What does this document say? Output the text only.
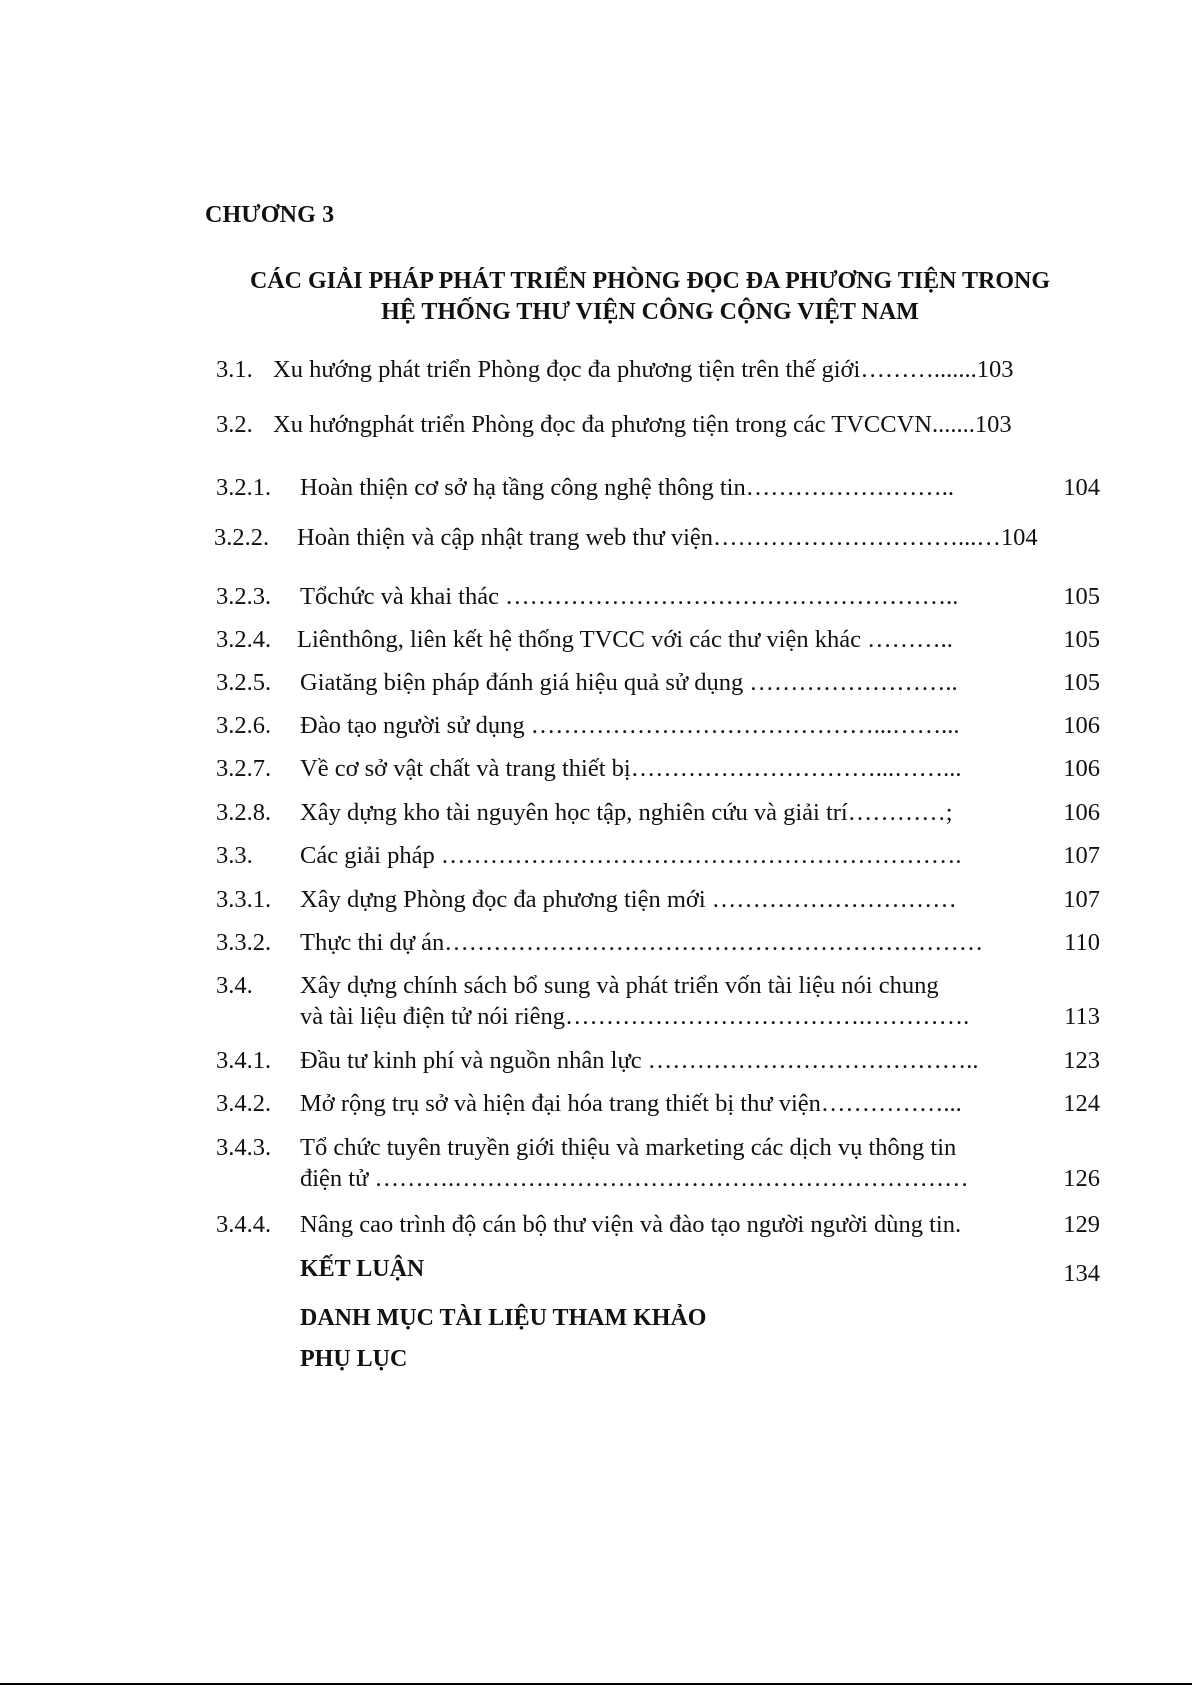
CHƯƠNG 3
CÁC GIẢI PHÁP PHÁT TRIỂN PHÒNG ĐỌC ĐA PHƯƠNG TIỆN TRONG
HỆ THỐNG THƯ VIỆN CÔNG CỘNG VIỆT NAM
3.1. Xu hướng phát triển Phòng đọc đa phương tiện trên thế giới……….......103
3.2. Xu hướngphát triển Phòng đọc đa phương tiện trong các TVCCVN.......103
3.2.1. Hoàn thiện cơ sở hạ tầng công nghệ thông tin……………………..	104
3.2.2. Hoàn thiện và cập nhật trang web thư viện…………………………...…104
3.2.3. Tổchức và khai thác ………………………………………………..	105
3.2.4. Liênthông, liên kết hệ thống TVCC với các thư viện khác ………..	105
3.2.5. Giatăng biện pháp đánh giá hiệu quả sử dụng ……………………..	105
3.2.6. Đào tạo người sử dụng ……………………………………...……...	106
3.2.7. Về cơ sở vật chất và trang thiết bị…………………………...……...	106
3.2.8. Xây dựng kho tài nguyên học tập, nghiên cứu và giải trí…………;	106
3.3. Các giải pháp ……………………………………………………….	107
3.3.1. Xây dựng Phòng đọc đa phương tiện mới …………………………	107
3.3.2. Thực thi dự án…………………………………………………………	110
3.4. Xây dựng chính sách bổ sung và phát triển vốn tài liệu nói chung
và tài liệu điện tử nói riêng……………………………….………….	113
3.4.1. Đầu tư kinh phí và nguồn nhân lực …………………………………..	123
3.4.2. Mở rộng trụ sở và hiện đại hóa trang thiết bị thư viện……………...	124
3.4.3. Tổ chức tuyên truyền giới thiệu và marketing các dịch vụ thông tin
điện tử ……….………………………………………………………	126
3.4.4. Nâng cao trình độ cán bộ thư viện và đào tạo người người dùng tin.	129
KẾT LUẬN	134
DANH MỤC TÀI LIỆU THAM KHẢO
PHỤ LỤC
